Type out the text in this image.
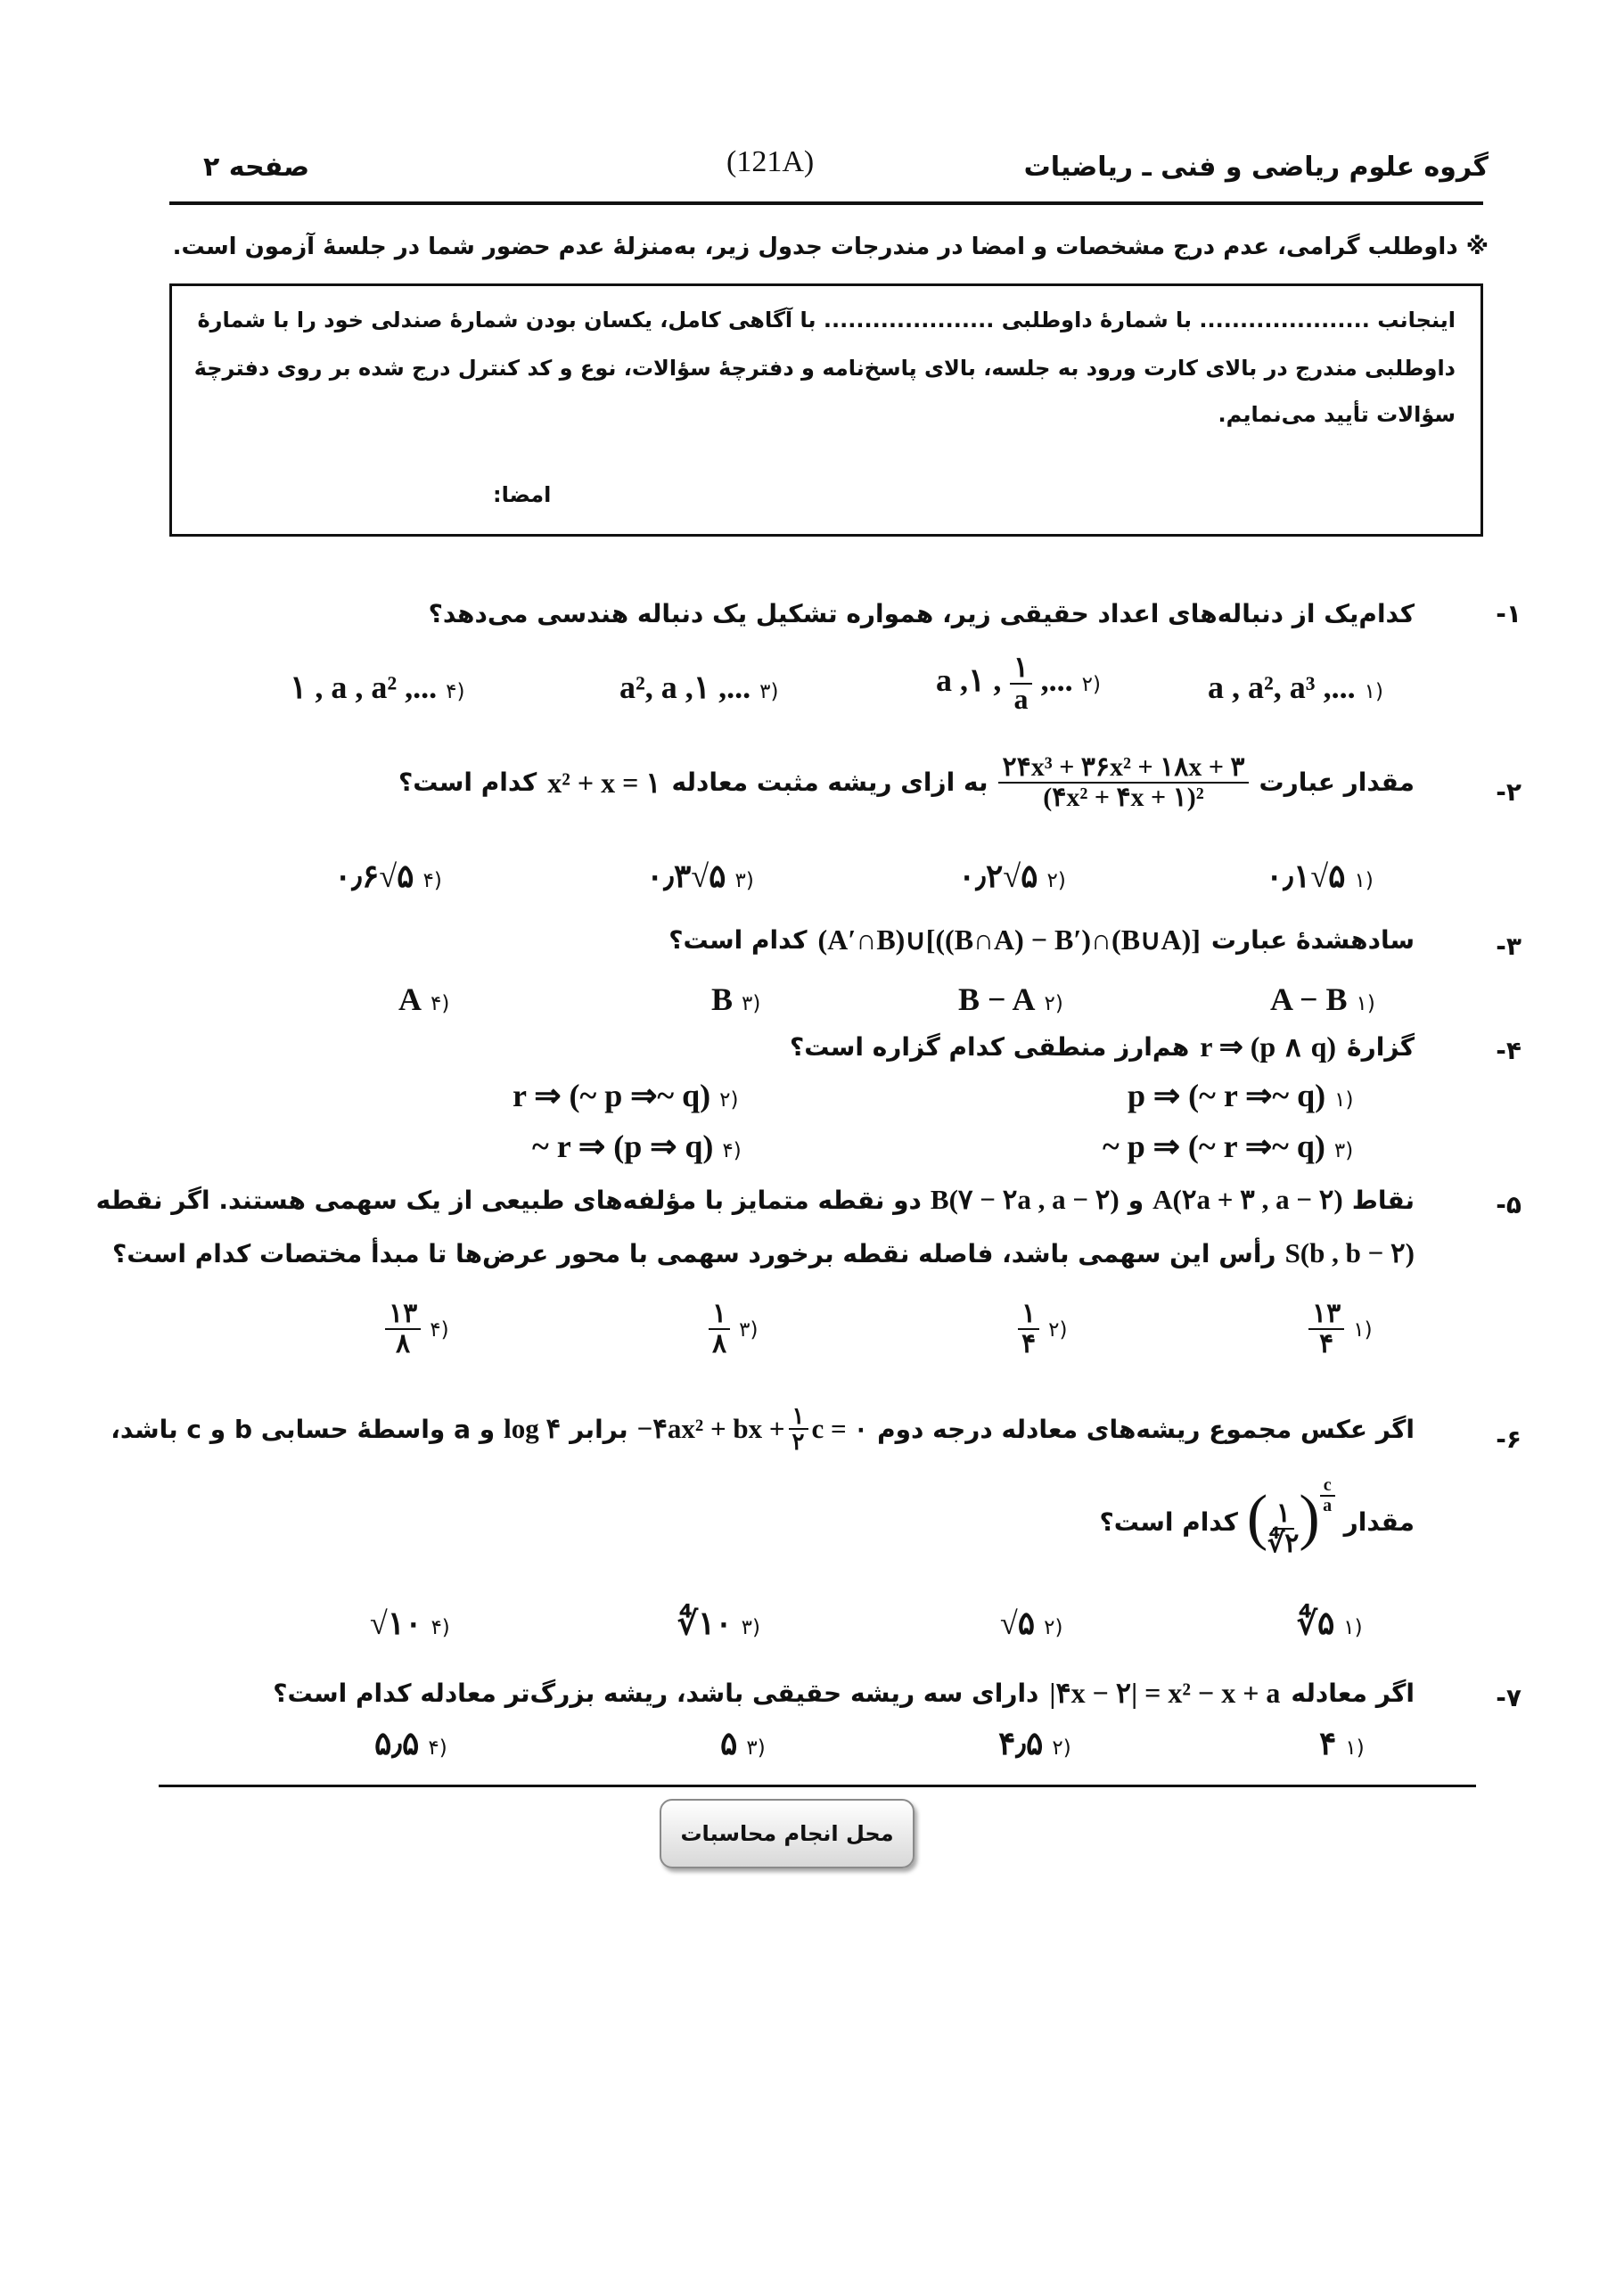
گروه علوم ریاضی و فنی ـ ریاضیات
(121A)
صفحه ۲
※ داوطلب گرامی، عدم درج مشخصات و امضا در مندرجات جدول زیر، به‌منزلهٔ عدم حضور شما در جلسهٔ آزمون است.
اینجانب ..................... با شمارهٔ داوطلبی ..................... با آگاهی کامل، یکسان بودن شمارهٔ صندلی خود را با شمارهٔ
داوطلبی مندرج در بالای کارت ورود به جلسه، بالای پاسخ‌نامه و دفترچهٔ سؤالات، نوع و کد کنترل درج شده بر روی دفترچهٔ
سؤالات تأیید می‌نمایم.
امضا:
-۱
کدام‌یک از دنباله‌های اعداد حقیقی زیر، همواره تشکیل یک دنباله هندسی می‌دهد؟
a , a², a³ ,... ۱)
a ,۱ , $\frac{۱}{a}$ ,... ۲)
a², a ,۱ ,... ۳)
۱ , a , a² ,... ۴)
-۲
مقدار عبارت
$\frac{\text{۲۴x³ + ۳۶x² + ۱۸x + ۳}}{\text{(۴x² + ۴x + ۱)²}}$
به ازای ریشه مثبت معادله
x² + x = ۱
کدام است؟
۰٫۱√۵ ۱)
۰٫۲√۵ ۲)
۰٫۳√۵ ۳)
۰٫۶√۵ ۴)
-۳
سادهشدهٔ عبارت
(A′∩B)∪[((B∩A) − B′)∩(B∪A)]
کدام است؟
A − B ۱)
B − A ۲)
B ۳)
A ۴)
-۴
گزارهٔ
r ⇒ (p ∧ q)
هم‌ارز منطقی کدام گزاره است؟
p ⇒ (~ r ⇒~ q) ۱)
r ⇒ (~ p ⇒~ q) ۲)
~ p ⇒ (~ r ⇒~ q) ۳)
~ r ⇒ (p ⇒ q) ۴)
-۵
نقاط
A(۲a + ۳ , a − ۲)
و
B(۷ − ۲a , a − ۲)
دو نقطه متمایز با مؤلفه‌های طبیعی از یک سهمی هستند. اگر نقطه
S(b , b − ۲)
رأس این سهمی باشد، فاصله نقطه برخورد سهمی با محور عرض‌ها تا مبدأ مختصات کدام است؟
$\frac{۱۳}{۴}$ ۱)
$\frac{۱}{۴}$ ۲)
$\frac{۱}{۸}$ ۳)
$\frac{۱۳}{۸}$ ۴)
-۶
اگر عکس مجموع ریشه‌های معادله درجه دوم
−۴ax² + bx + $\frac{۱}{۲}$ c = ۰
برابر
log ۴
و a واسطهٔ حسابی b و c باشد،
مقدار
( $\frac{۱}{∜۲}$ ) $\frac{c}{a}$
کدام است؟
∜۵ ۱)
√۵ ۲)
∜۱۰ ۳)
√۱۰ ۴)
-۷
اگر معادله
|۴x − ۲| = x² − x + a
دارای سه ریشه حقیقی باشد، ریشه بزرگ‌تر معادله کدام است؟
۴ ۱)
۴٫۵ ۲)
۵ ۳)
۵٫۵ ۴)
محل انجام محاسبات
